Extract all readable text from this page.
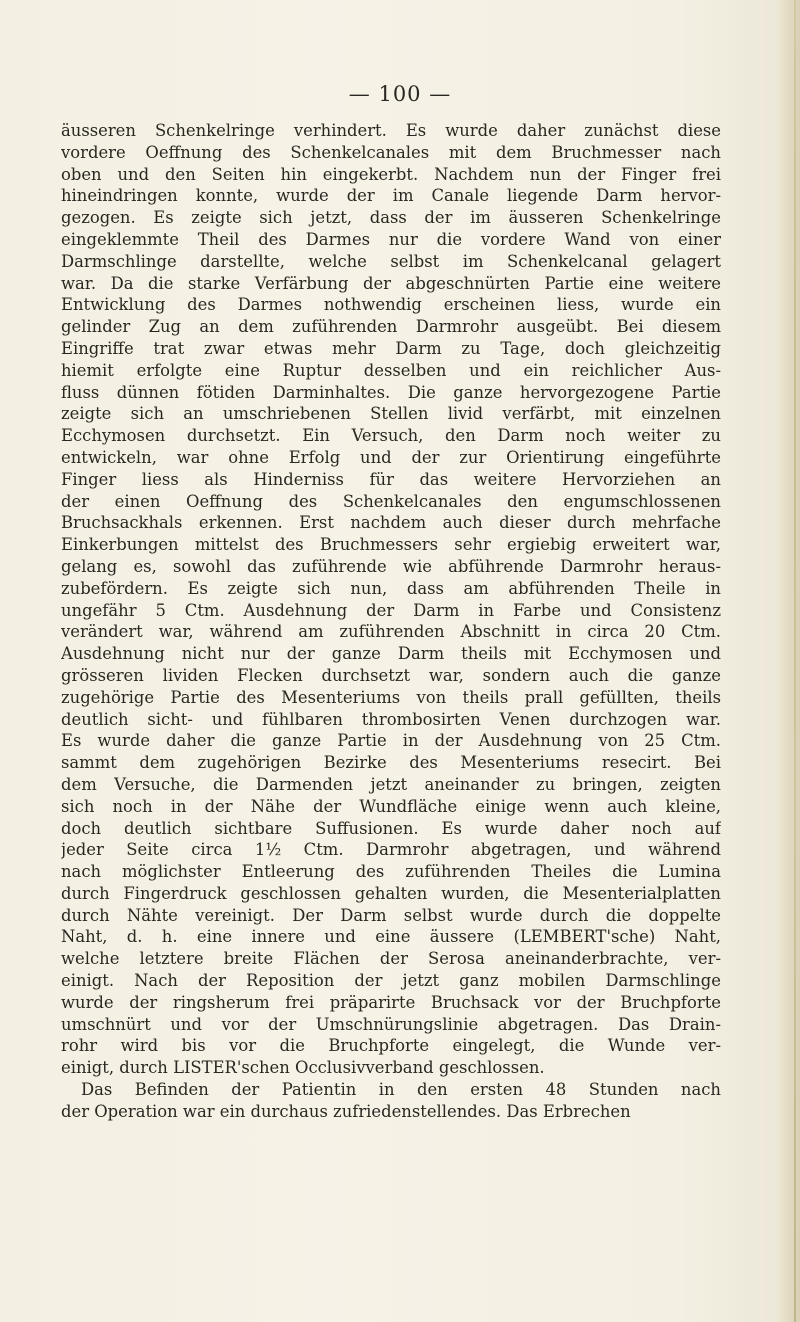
— 100 —
äusseren Schenkelringe verhindert. Es wurde daher zunächst diese
vordere Oeffnung des Schenkelcanales mit dem Bruchmesser nach
oben und den Seiten hin eingekerbt. Nachdem nun der Finger frei
hineindringen konnte, wurde der im Canale liegende Darm hervor-
gezogen. Es zeigte sich jetzt, dass der im äusseren Schenkelringe
eingeklemmte Theil des Darmes nur die vordere Wand von einer
Darmschlinge darstellte, welche selbst im Schenkelcanal gelagert
war. Da die starke Verfärbung der abgeschnürten Partie eine weitere
Entwicklung des Darmes nothwendig erscheinen liess, wurde ein
gelinder Zug an dem zuführenden Darmrohr ausgeübt. Bei diesem
Eingriffe trat zwar etwas mehr Darm zu Tage, doch gleichzeitig
hiemit erfolgte eine Ruptur desselben und ein reichlicher Aus-
fluss dünnen fötiden Darminhaltes. Die ganze hervorgezogene Partie
zeigte sich an umschriebenen Stellen livid verfärbt, mit einzelnen
Ecchymosen durchsetzt. Ein Versuch, den Darm noch weiter zu
entwickeln, war ohne Erfolg und der zur Orientirung eingeführte
Finger liess als Hinderniss für das weitere Hervorziehen an
der einen Oeffnung des Schenkelcanales den engumschlossenen
Bruchsackhals erkennen. Erst nachdem auch dieser durch mehrfache
Einkerbungen mittelst des Bruchmessers sehr ergiebig erweitert war,
gelang es, sowohl das zuführende wie abführende Darmrohr heraus-
zubefördern. Es zeigte sich nun, dass am abführenden Theile in
ungefähr 5 Ctm. Ausdehnung der Darm in Farbe und Consistenz
verändert war, während am zuführenden Abschnitt in circa 20 Ctm.
Ausdehnung nicht nur der ganze Darm theils mit Ecchymosen und
grösseren lividen Flecken durchsetzt war, sondern auch die ganze
zugehörige Partie des Mesenteriums von theils prall gefüllten, theils
deutlich sicht- und fühlbaren thrombosirten Venen durchzogen war.
Es wurde daher die ganze Partie in der Ausdehnung von 25 Ctm.
sammt dem zugehörigen Bezirke des Mesenteriums resecirt. Bei
dem Versuche, die Darmenden jetzt aneinander zu bringen, zeigten
sich noch in der Nähe der Wundfläche einige wenn auch kleine,
doch deutlich sichtbare Suffusionen. Es wurde daher noch auf
jeder Seite circa 1½ Ctm. Darmrohr abgetragen, und während
nach möglichster Entleerung des zuführenden Theiles die Lumina
durch Fingerdruck geschlossen gehalten wurden, die Mesenterialplatten
durch Nähte vereinigt. Der Darm selbst wurde durch die doppelte
Naht, d. h. eine innere und eine äussere (LEMBERT'sche) Naht,
welche letztere breite Flächen der Serosa aneinanderbrachte, ver-
einigt. Nach der Reposition der jetzt ganz mobilen Darmschlinge
wurde der ringsherum frei präparirte Bruchsack vor der Bruchpforte
umschnürt und vor der Umschnürungslinie abgetragen. Das Drain-
rohr wird bis vor die Bruchpforte eingelegt, die Wunde ver-
einigt, durch LISTER'schen Occlusivverband geschlossen.
Das Befinden der Patientin in den ersten 48 Stunden nach
der Operation war ein durchaus zufriedenstellendes. Das Erbrechen
